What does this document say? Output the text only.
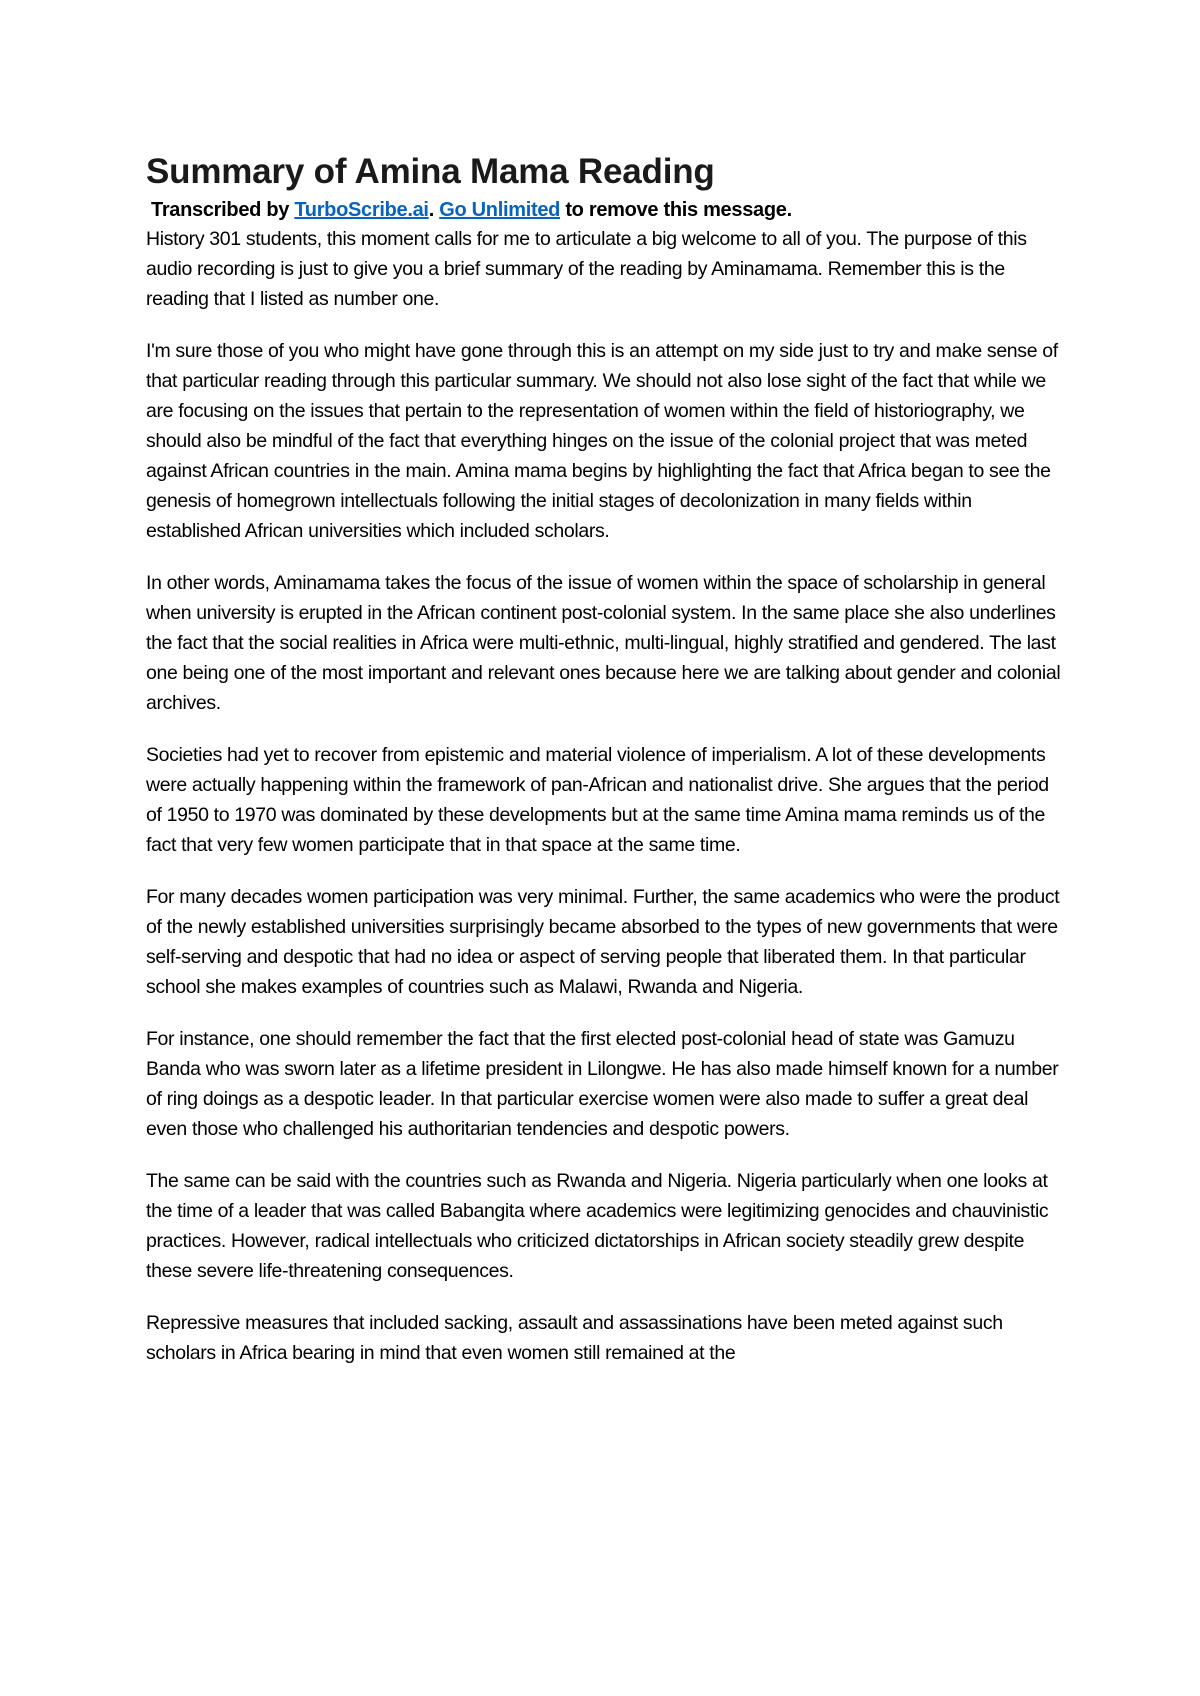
Summary of Amina Mama Reading
Transcribed by TurboScribe.ai. Go Unlimited to remove this message.

History 301 students, this moment calls for me to articulate a big welcome to all of you. The purpose of this audio recording is just to give you a brief summary of the reading by Aminamama. Remember this is the reading that I listed as number one.

I'm sure those of you who might have gone through this is an attempt on my side just to try and make sense of that particular reading through this particular summary. We should not also lose sight of the fact that while we are focusing on the issues that pertain to the representation of women within the field of historiography, we should also be mindful of the fact that everything hinges on the issue of the colonial project that was meted against African countries in the main. Amina mama begins by highlighting the fact that Africa began to see the genesis of homegrown intellectuals following the initial stages of decolonization in many fields within established African universities which included scholars.

In other words, Aminamama takes the focus of the issue of women within the space of scholarship in general when university is erupted in the African continent post-colonial system. In the same place she also underlines the fact that the social realities in Africa were multi-ethnic, multi-lingual, highly stratified and gendered. The last one being one of the most important and relevant ones because here we are talking about gender and colonial archives.

Societies had yet to recover from epistemic and material violence of imperialism. A lot of these developments were actually happening within the framework of pan-African and nationalist drive. She argues that the period of 1950 to 1970 was dominated by these developments but at the same time Amina mama reminds us of the fact that very few women participate that in that space at the same time.

For many decades women participation was very minimal. Further, the same academics who were the product of the newly established universities surprisingly became absorbed to the types of new governments that were self-serving and despotic that had no idea or aspect of serving people that liberated them. In that particular school she makes examples of countries such as Malawi, Rwanda and Nigeria.

For instance, one should remember the fact that the first elected post-colonial head of state was Gamuzu Banda who was sworn later as a lifetime president in Lilongwe. He has also made himself known for a number of ring doings as a despotic leader. In that particular exercise women were also made to suffer a great deal even those who challenged his authoritarian tendencies and despotic powers.

The same can be said with the countries such as Rwanda and Nigeria. Nigeria particularly when one looks at the time of a leader that was called Babangita where academics were legitimizing genocides and chauvinistic practices. However, radical intellectuals who criticized dictatorships in African society steadily grew despite these severe life-threatening consequences.

Repressive measures that included sacking, assault and assassinations have been meted against such scholars in Africa bearing in mind that even women still remained at the
